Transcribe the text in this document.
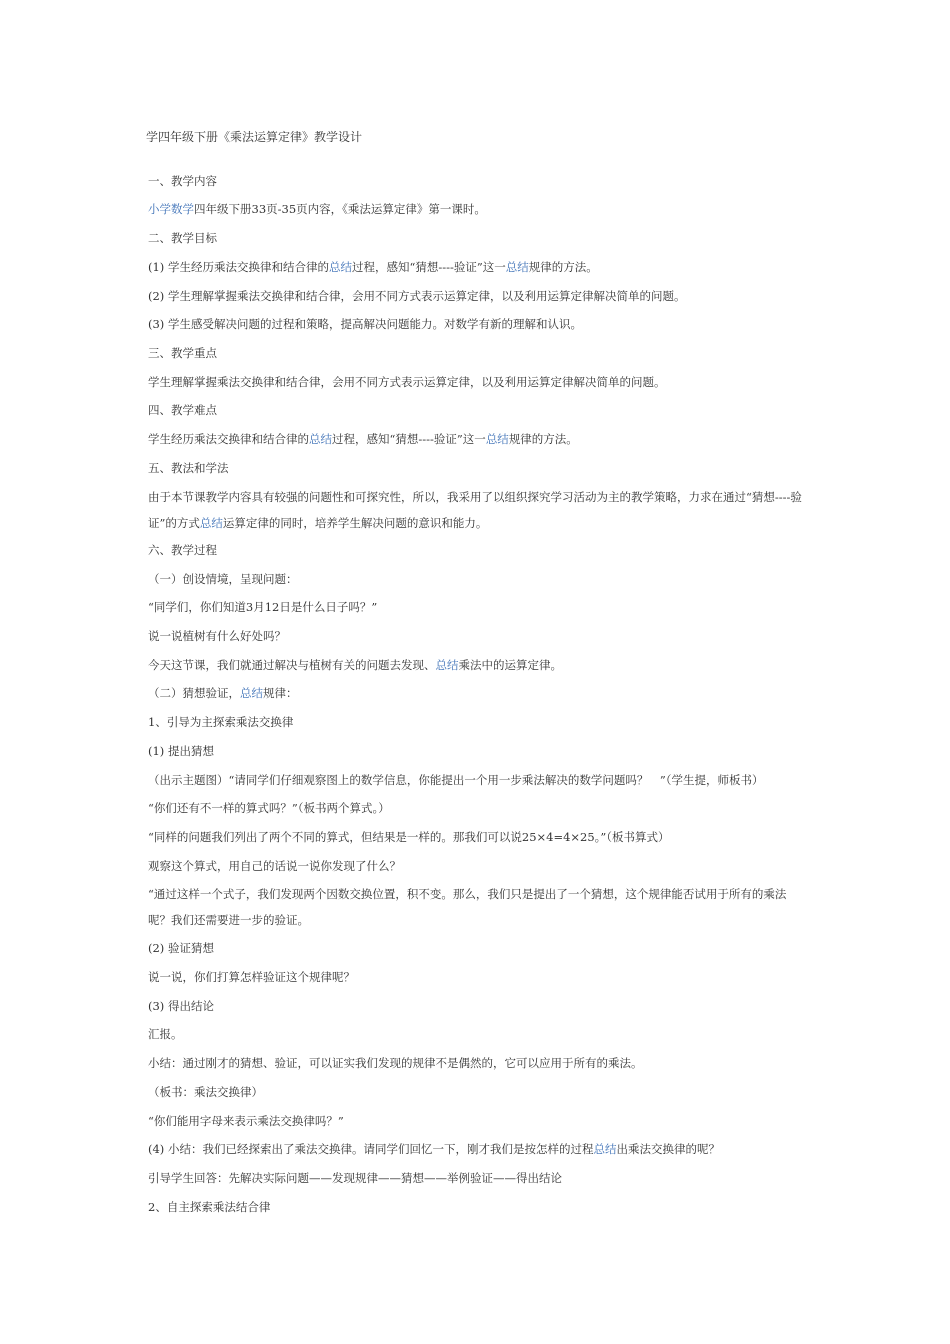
学四年级下册《乘法运算定律》教学设计
一、教学内容
小学数学四年级下册33页-35页内容，《乘法运算定律》第一课时。
二、教学目标
(1) 学生经历乘法交换律和结合律的总结过程，感知“猜想----验证”这一总结规律的方法。
(2) 学生理解掌握乘法交换律和结合律，会用不同方式表示运算定律，以及利用运算定律解决简单的问题。
(3) 学生感受解决问题的过程和策略，提高解决问题能力。对数学有新的理解和认识。
三、教学重点
学生理解掌握乘法交换律和结合律，会用不同方式表示运算定律，以及利用运算定律解决简单的问题。
四、教学难点
学生经历乘法交换律和结合律的总结过程，感知“猜想----验证”这一总结规律的方法。
五、教法和学法
由于本节课教学内容具有较强的问题性和可探究性，所以，我采用了以组织探究学习活动为主的教学策略，力求在通过“猜想----验证”的方式总结运算定律的同时，培养学生解决问题的意识和能力。
六、教学过程
（一）创设情境，呈现问题：
“同学们，你们知道3月12日是什么日子吗？”
说一说植树有什么好处吗？
今天这节课，我们就通过解决与植树有关的问题去发现、总结乘法中的运算定律。
（二）猜想验证，总结规律：
1、引导为主探索乘法交换律
(1) 提出猜想
（出示主题图）“请同学们仔细观察图上的数学信息，你能提出一个用一步乘法解决的数学问题吗？　”（学生提，师板书）
“你们还有不一样的算式吗？”（板书两个算式。）
“同样的问题我们列出了两个不同的算式，但结果是一样的。那我们可以说25×4=4×25。”（板书算式）
观察这个算式，用自己的话说一说你发现了什么？
“通过这样一个式子，我们发现两个因数交换位置，积不变。那么，我们只是提出了一个猜想，这个规律能否试用于所有的乘法呢？我们还需要进一步的验证。
(2) 验证猜想
说一说，你们打算怎样验证这个规律呢？
(3) 得出结论
汇报。
小结：通过刚才的猜想、验证，可以证实我们发现的规律不是偶然的，它可以应用于所有的乘法。
（板书：乘法交换律）
“你们能用字母来表示乘法交换律吗？”
(4) 小结：我们已经探索出了乘法交换律。请同学们回忆一下，刚才我们是按怎样的过程总结出乘法交换律的呢？
引导学生回答：先解决实际问题——发现规律——猜想——举例验证——得出结论
2、自主探索乘法结合律
